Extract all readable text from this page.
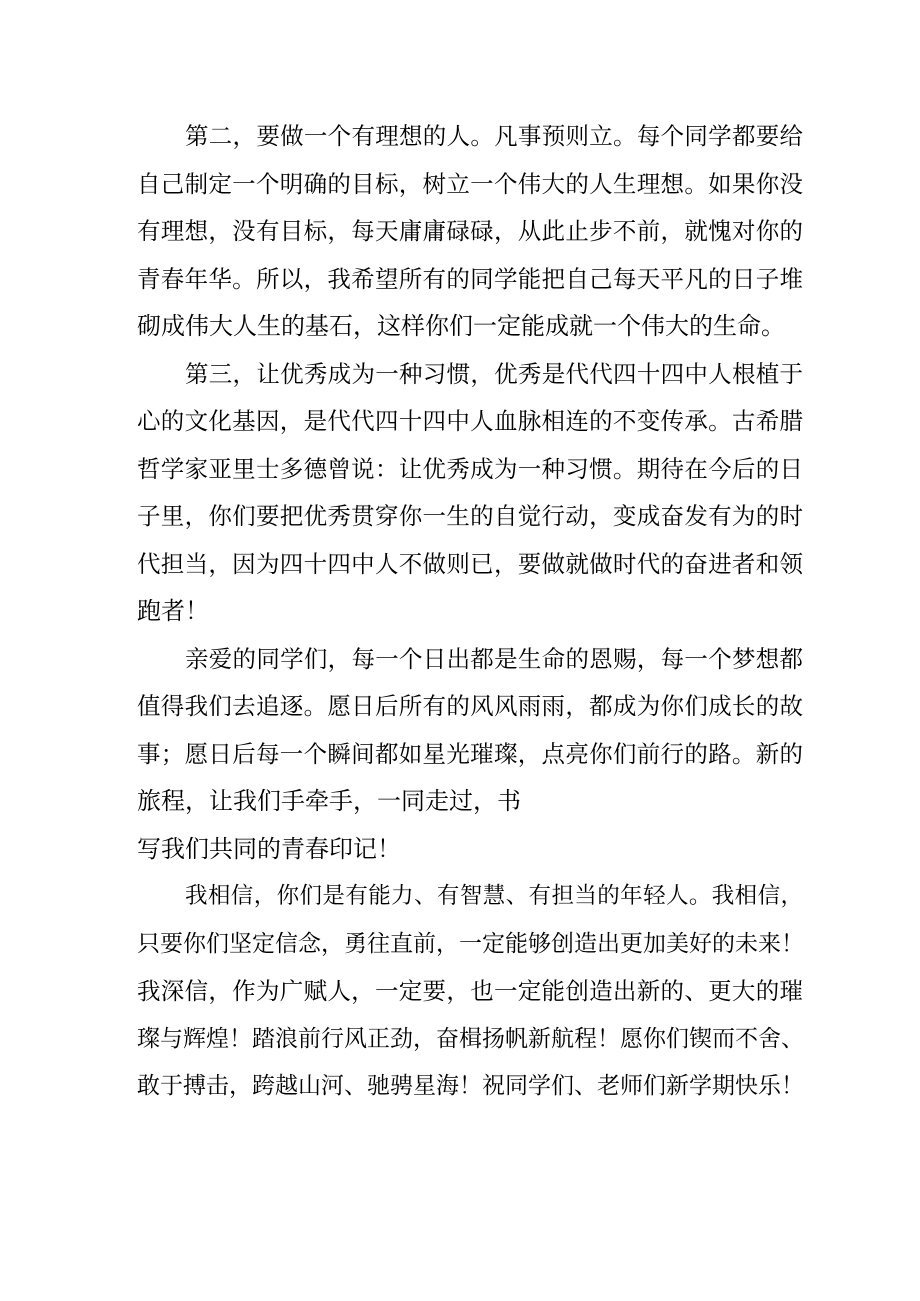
第二，要做一个有理想的人。凡事预则立。每个同学都要给
自己制定一个明确的目标，树立一个伟大的人生理想。如果你没
有理想，没有目标，每天庸庸碌碌，从此止步不前，就愧对你的
青春年华。所以，我希望所有的同学能把自己每天平凡的日子堆
砌成伟大人生的基石，这样你们一定能成就一个伟大的生命。
第三，让优秀成为一种习惯，优秀是代代四十四中人根植于
心的文化基因，是代代四十四中人血脉相连的不变传承。古希腊
哲学家亚里士多德曾说：让优秀成为一种习惯。期待在今后的日
子里，你们要把优秀贯穿你一生的自觉行动，变成奋发有为的时
代担当，因为四十四中人不做则已，要做就做时代的奋进者和领
跑者！
亲爱的同学们，每一个日出都是生命的恩赐，每一个梦想都
值得我们去追逐。愿日后所有的风风雨雨，都成为你们成长的故
事；愿日后每一个瞬间都如星光璀璨，点亮你们前行的路。新的
旅程，让我们手牵手，一同走过，书
写我们共同的青春印记！
我相信，你们是有能力、有智慧、有担当的年轻人。我相信，
只要你们坚定信念，勇往直前，一定能够创造出更加美好的未来！
我深信，作为广赋人，一定要，也一定能创造出新的、更大的璀
璨与辉煌！踏浪前行风正劲，奋楫扬帆新航程！愿你们锲而不舍、
敢于搏击，跨越山河、驰骋星海！祝同学们、老师们新学期快乐！
